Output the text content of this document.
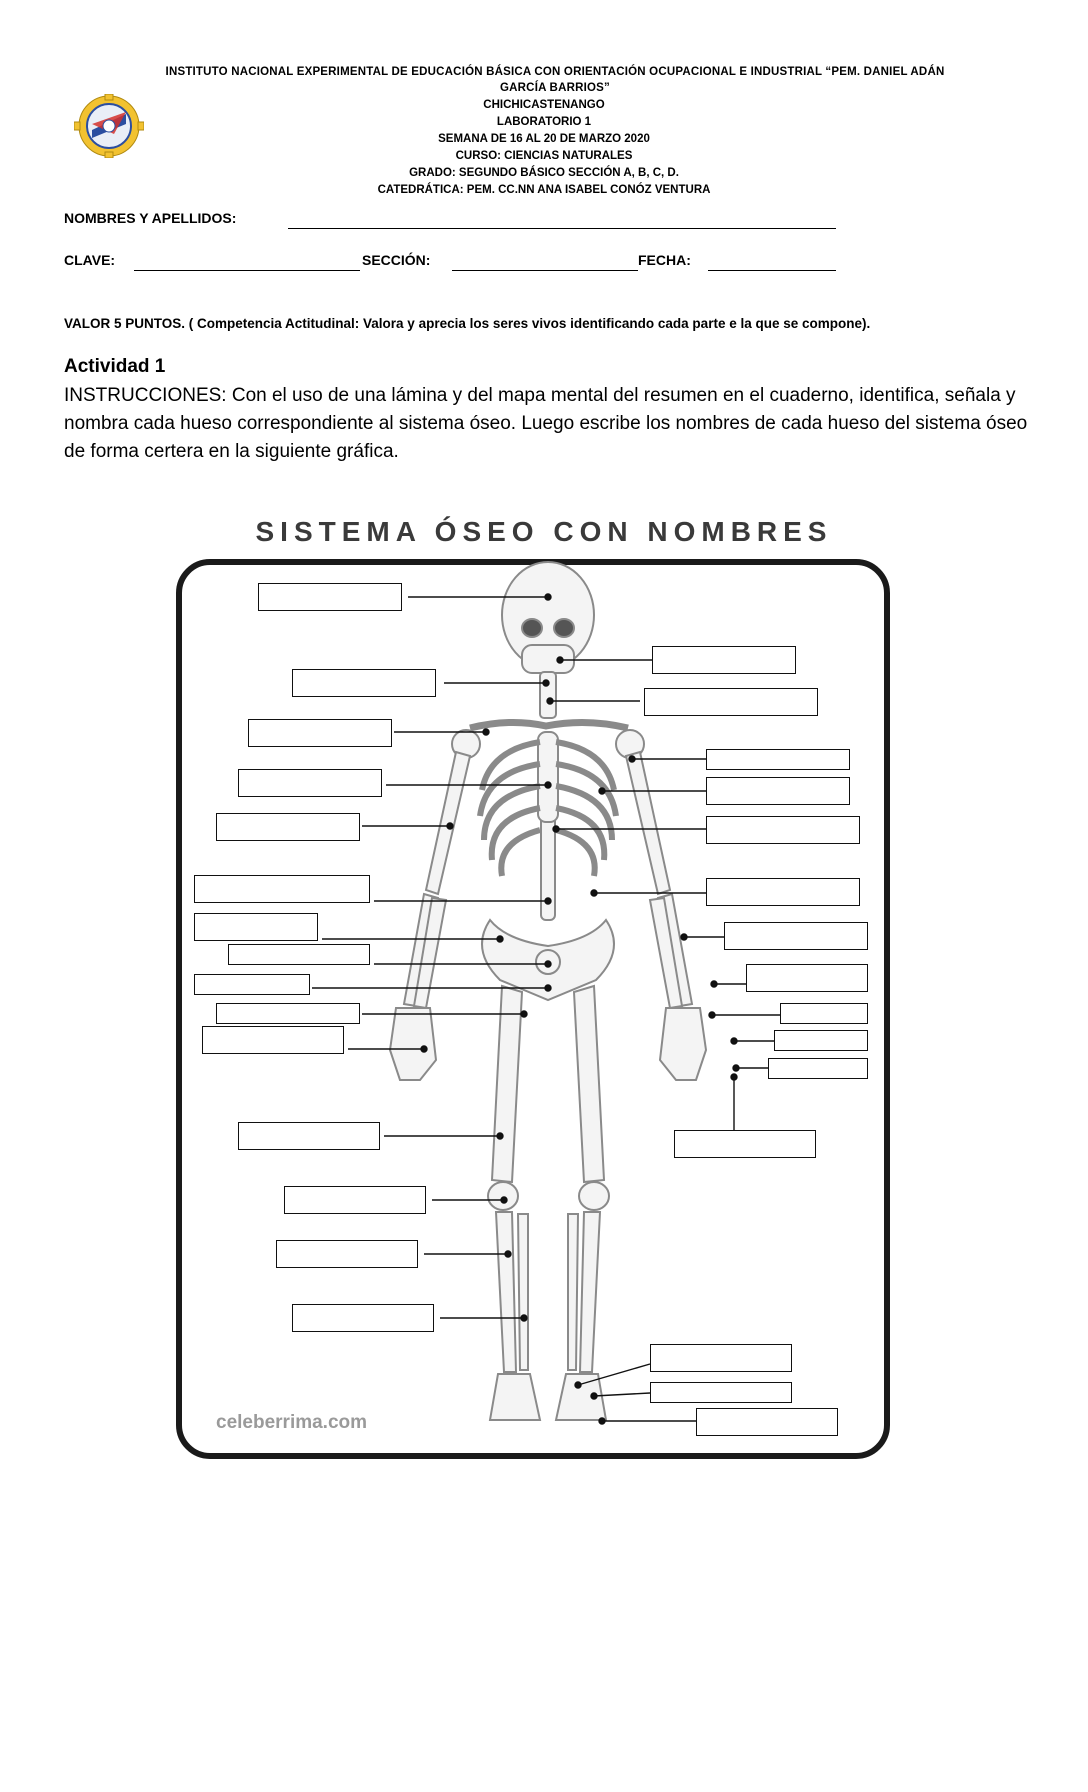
INSTITUTO NACIONAL EXPERIMENTAL DE EDUCACIÓN BÁSICA CON ORIENTACIÓN OCUPACIONAL E INDUSTRIAL “PEM. DANIEL ADÁN
GARCÍA BARRIOS”
CHICHICASTENANGO
LABORATORIO 1
SEMANA DE 16 AL 20 DE MARZO 2020
CURSO: CIENCIAS NATURALES
GRADO: SEGUNDO BÁSICO SECCIÓN A, B, C, D.
CATEDRÁTICA: PEM. CC.NN ANA ISABEL CONÓZ VENTURA
NOMBRES Y APELLIDOS:
CLAVE:	SECCIÓN:	FECHA:
VALOR 5 PUNTOS. ( Competencia Actitudinal: Valora y aprecia los seres vivos identificando cada parte e la que se compone).
Actividad 1
INSTRUCCIONES: Con el uso de una lámina y del mapa mental del resumen en el cuaderno, identifica, señala y nombra cada hueso correspondiente al sistema óseo. Luego escribe los nombres de cada hueso del sistema óseo de forma certera en la siguiente gráfica.
SISTEMA ÓSEO CON NOMBRES
celeberrima.com
